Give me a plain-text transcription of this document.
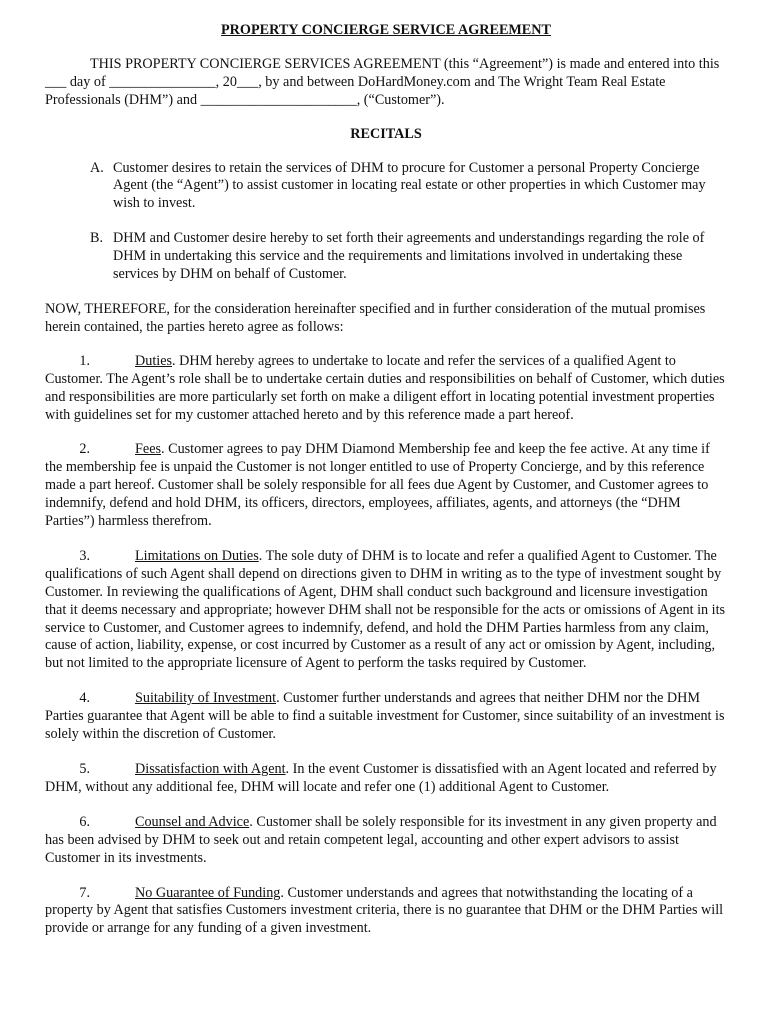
PROPERTY CONCIERGE SERVICE AGREEMENT

THIS PROPERTY CONCIERGE SERVICES AGREEMENT (this “Agreement”) is made and entered into this ___ day of _______________, 20___, by and between DoHardMoney.com and The Wright Team Real Estate Professionals (DHM”) and ______________________, (“Customer”).

RECITALS

A. Customer desires to retain the services of DHM to procure for Customer a personal Property Concierge Agent (the “Agent”) to assist customer in locating real estate or other properties in which Customer may wish to invest.
B. DHM and Customer desire hereby to set forth their agreements and understandings regarding the role of DHM in undertaking this service and the requirements and limitations involved in undertaking these services by DHM on behalf of Customer.

NOW, THEREFORE, for the consideration hereinafter specified and in further consideration of the mutual promises herein contained, the parties hereto agree as follows:

1.	Duties. DHM hereby agrees to undertake to locate and refer the services of a qualified Agent to Customer. The Agent’s role shall be to undertake certain duties and responsibilities on behalf of Customer, which duties and responsibilities are more particularly set forth on make a diligent effort in locating potential investment properties with guidelines set for my customer attached hereto and by this reference made a part hereof.

2.	Fees. Customer agrees to pay DHM Diamond Membership fee and keep the fee active. At any time if the membership fee is unpaid the Customer is not longer entitled to use of Property Concierge, and by this reference made a part hereof. Customer shall be solely responsible for all fees due Agent by Customer, and Customer agrees to indemnify, defend and hold DHM, its officers, directors, employees, affiliates, agents, and attorneys (the “DHM Parties”) harmless therefrom.

3.	Limitations on Duties. The sole duty of DHM is to locate and refer a qualified Agent to Customer. The qualifications of such Agent shall depend on directions given to DHM in writing as to the type of investment sought by Customer. In reviewing the qualifications of Agent, DHM shall conduct such background and licensure investigation that it deems necessary and appropriate; however DHM shall not be responsible for the acts or omissions of Agent in its service to Customer, and Customer agrees to indemnify, defend, and hold the DHM Parties harmless from any claim, cause of action, liability, expense, or cost incurred by Customer as a result of any act or omission by Agent, including, but not limited to the appropriate licensure of Agent to perform the tasks required by Customer.

4.	Suitability of Investment. Customer further understands and agrees that neither DHM nor the DHM Parties guarantee that Agent will be able to find a suitable investment for Customer, since suitability of an investment is solely within the discretion of Customer.

5.	Dissatisfaction with Agent. In the event Customer is dissatisfied with an Agent located and referred by DHM, without any additional fee, DHM will locate and refer one (1) additional Agent to Customer.

6.	Counsel and Advice. Customer shall be solely responsible for its investment in any given property and has been advised by DHM to seek out and retain competent legal, accounting and other expert advisors to assist Customer in its investments.

7.	No Guarantee of Funding. Customer understands and agrees that notwithstanding the locating of a property by Agent that satisfies Customers investment criteria, there is no guarantee that DHM or the DHM Parties will provide or arrange for any funding of a given investment.
